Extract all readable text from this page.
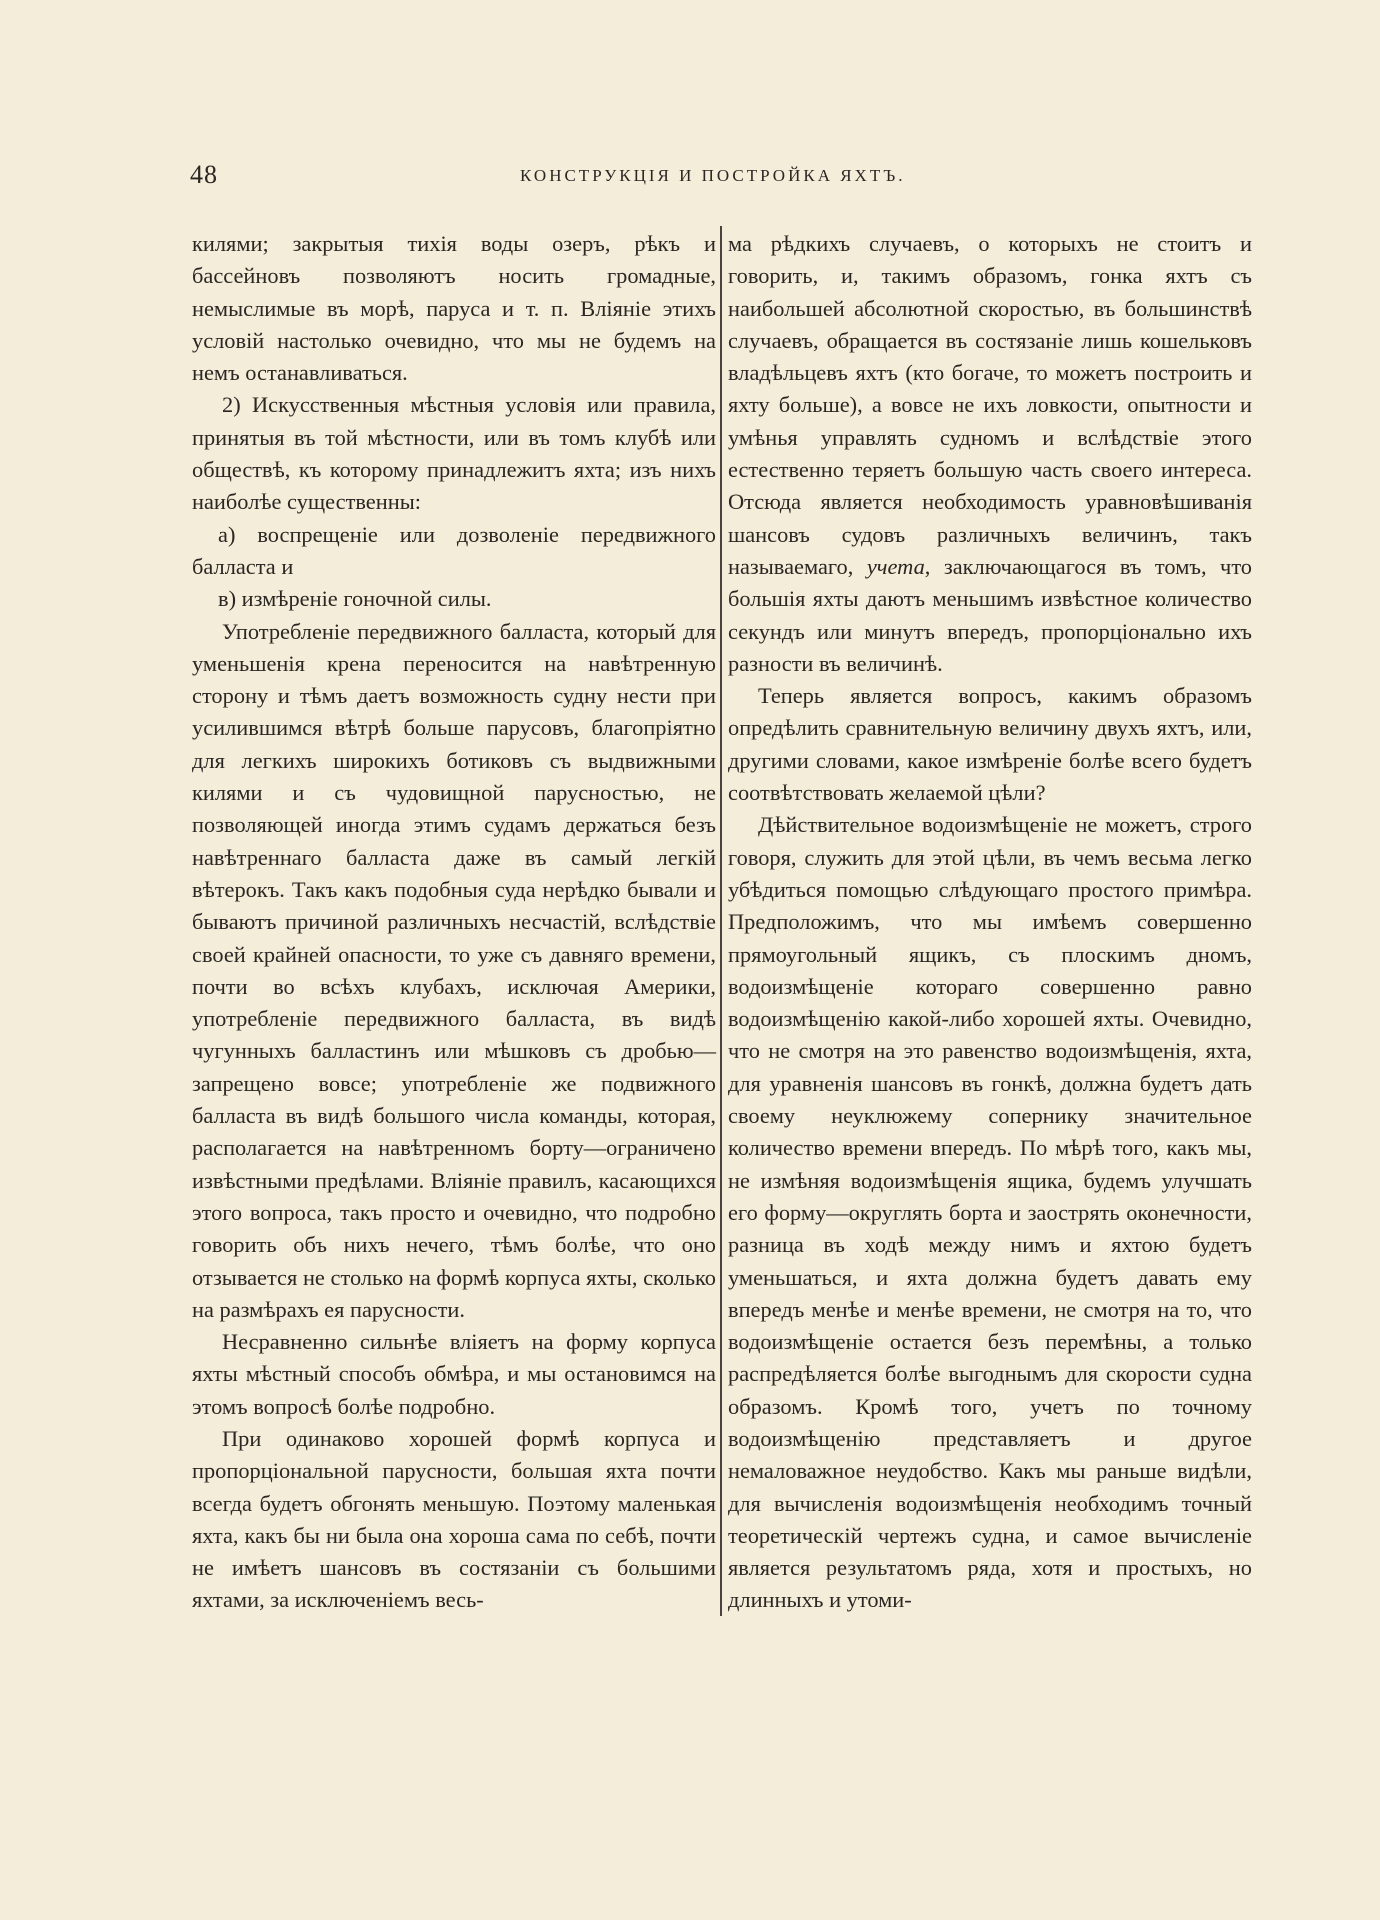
48	КОНСТРУКЦІЯ И ПОСТРОЙКА ЯХТЪ.

килями; закрытыя тихія воды озеръ, рѣкъ и бассейновъ позволяютъ носить громадные, немыслимые въ морѣ, паруса и т. п. Вліяніе этихъ условій настолько очевидно, что мы не будемъ на немъ останавливаться.

2) Искусственныя мѣстныя условія или правила, принятыя въ той мѣстности, или въ томъ клубѣ или обществѣ, къ которому принадлежитъ яхта; изъ нихъ наиболѣе существенны:

а) воспрещеніе или дозволеніе передвижного балласта и

в) измѣреніе гоночной силы.

Употребленіе передвижного балласта, который для уменьшенія крена переносится на навѣтренную сторону и тѣмъ даетъ возможность судну нести при усилившимся вѣтрѣ больше парусовъ, благопріятно для легкихъ широкихъ ботиковъ съ выдвижными килями и съ чудовищной парусностью, не позволяющей иногда этимъ судамъ держаться безъ навѣтреннаго балласта даже въ самый легкій вѣтерокъ. Такъ какъ подобныя суда нерѣдко бывали и бываютъ причиной различныхъ несчастій, вслѣдствіе своей крайней опасности, то уже съ давняго времени, почти во всѣхъ клубахъ, исключая Америки, употребленіе передвижного балласта, въ видѣ чугунныхъ балластинъ или мѣшковъ съ дробью—запрещено вовсе; употребленіе же подвижного балласта въ видѣ большого числа команды, которая, располагается на навѣтренномъ борту—ограничено извѣстными предѣлами. Вліяніе правилъ, касающихся этого вопроса, такъ просто и очевидно, что подробно говорить объ нихъ нечего, тѣмъ болѣе, что оно отзывается не столько на формѣ корпуса яхты, сколько на размѣрахъ ея парусности.

Несравненно сильнѣе вліяетъ на форму корпуса яхты мѣстный способъ обмѣра, и мы остановимся на этомъ вопросѣ болѣе подробно.

При одинаково хорошей формѣ корпуса и пропорціональной парусности, большая яхта почти всегда будетъ обгонять меньшую. Поэтому маленькая яхта, какъ бы ни была она хороша сама по себѣ, почти не имѣетъ шансовъ въ состязаніи съ большими яхтами, за исключеніемъ весь-

ма рѣдкихъ случаевъ, о которыхъ не стоитъ и говорить, и, такимъ образомъ, гонка яхтъ съ наибольшей абсолютной скоростью, въ большинствѣ случаевъ, обращается въ состязаніе лишь кошельковъ владѣльцевъ яхтъ (кто богаче, то можетъ построить и яхту больше), а вовсе не ихъ ловкости, опытности и умѣнья управлять судномъ и вслѣдствіе этого естественно теряетъ большую часть своего интереса. Отсюда является необходимость уравновѣшиванія шансовъ судовъ различныхъ величинъ, такъ называемаго, учета, заключающагося въ томъ, что большія яхты даютъ меньшимъ извѣстное количество секундъ или минутъ впередъ, пропорціонально ихъ разности въ величинѣ.

Теперь является вопросъ, какимъ образомъ опредѣлить сравнительную величину двухъ яхтъ, или, другими словами, какое измѣреніе болѣе всего будетъ соотвѣтствовать желаемой цѣли?

Дѣйствительное водоизмѣщеніе не можетъ, строго говоря, служить для этой цѣли, въ чемъ весьма легко убѣдиться помощью слѣдующаго простого примѣра. Предположимъ, что мы имѣемъ совершенно прямоугольный ящикъ, съ плоскимъ дномъ, водоизмѣщеніе котораго совершенно равно водоизмѣщенію какой-либо хорошей яхты. Очевидно, что не смотря на это равенство водоизмѣщенія, яхта, для уравненія шансовъ въ гонкѣ, должна будетъ дать своему неуклюжему сопернику значительное количество времени впередъ. По мѣрѣ того, какъ мы, не измѣняя водоизмѣщенія ящика, будемъ улучшать его форму—округлять борта и заострять оконечности, разница въ ходѣ между нимъ и яхтою будетъ уменьшаться, и яхта должна будетъ давать ему впередъ менѣе и менѣе времени, не смотря на то, что водоизмѣщеніе остается безъ перемѣны, а только распредѣляется болѣе выгоднымъ для скорости судна образомъ. Кромѣ того, учетъ по точному водоизмѣщенію представляетъ и другое немаловажное неудобство. Какъ мы раньше видѣли, для вычисленія водоизмѣщенія необходимъ точный теоретическій чертежъ судна, и самое вычисленіе является результатомъ ряда, хотя и простыхъ, но длинныхъ и утоми-
